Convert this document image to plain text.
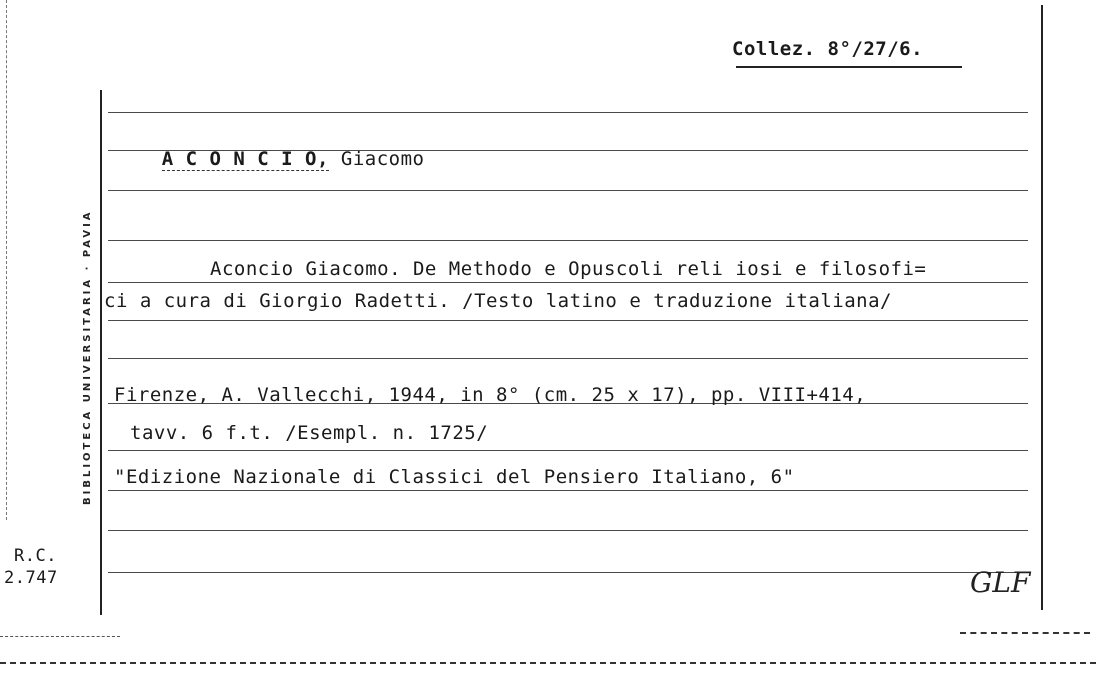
BIBLIOTECA UNIVERSITARIA · PAVIA
Collez. 8°/27/6.

A C O N C I O, Giacomo

Aconcio Giacomo. De Methodo e Opuscoli reli iosi e filosofi=
ci a cura di Giorgio Radetti. /Testo latino e traduzione italiana/
Firenze, A. Vallecchi, 1944, in 8° (cm. 25 x 17), pp. VIII+414,
tavv. 6 f.t. /Esempl. n. 1725/
"Edizione Nazionale di Classici del Pensiero Italiano, 6"
R.C.
2.747	GLF
